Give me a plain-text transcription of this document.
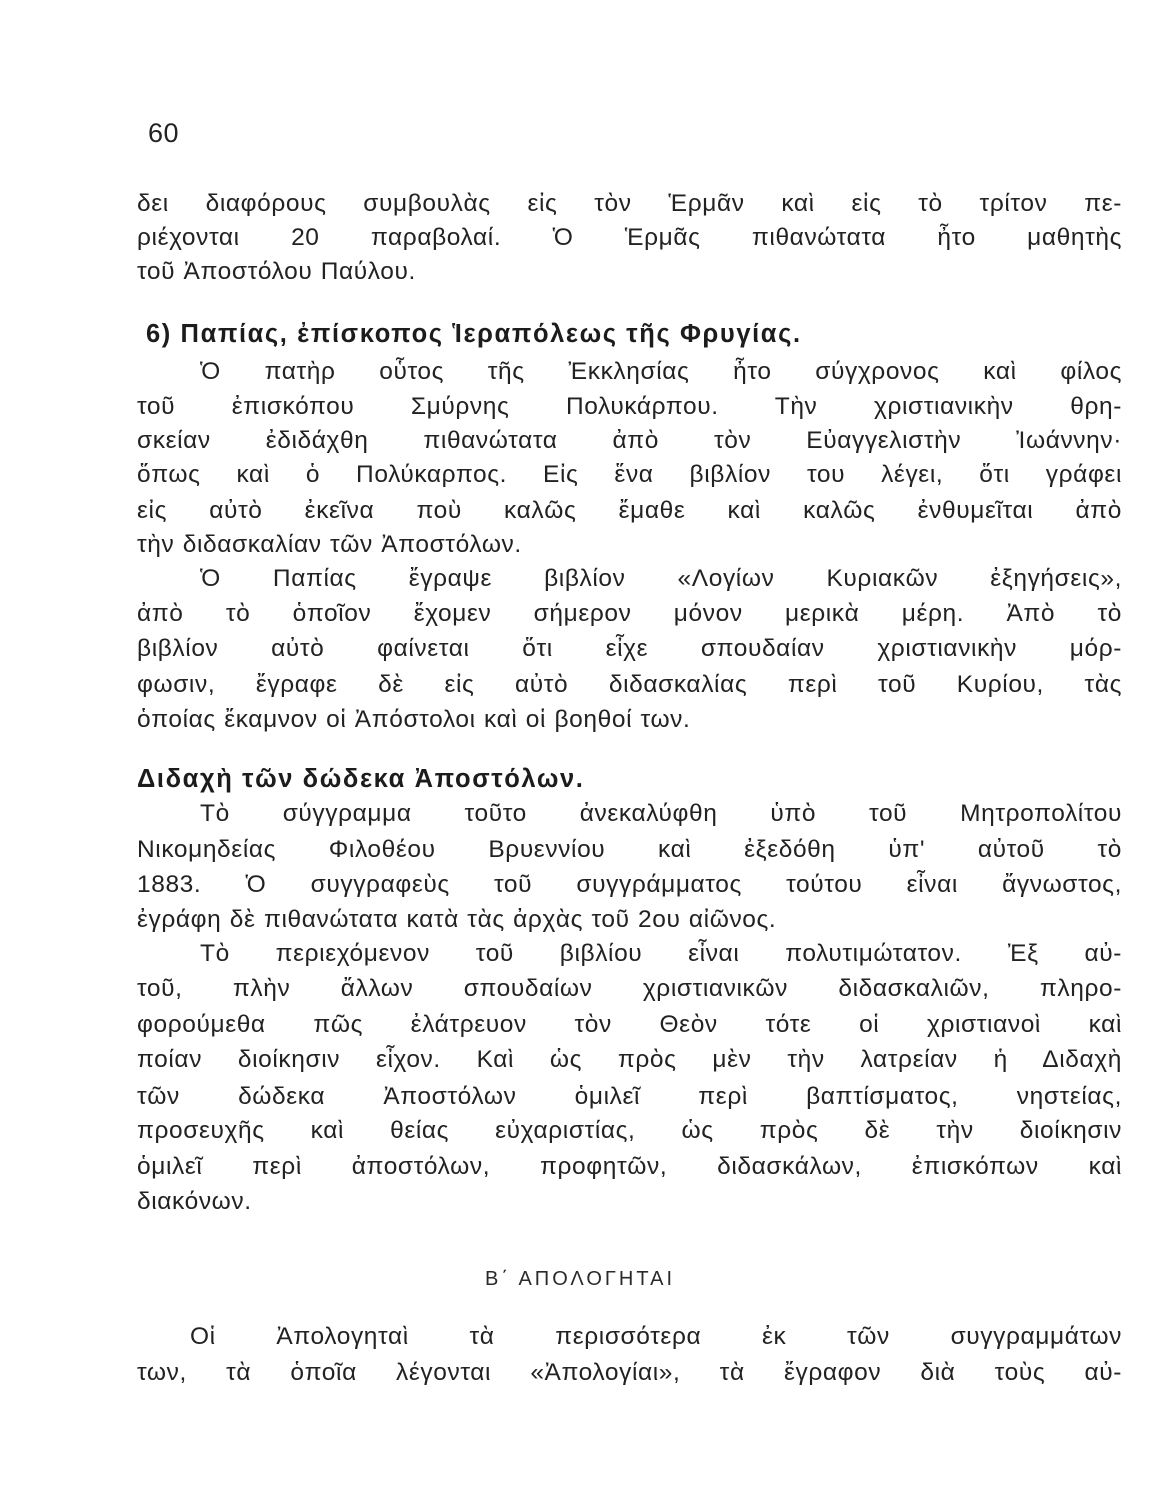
60
δει διαφόρους συμβουλὰς εἰς τὸν Ἑρμᾶν καὶ εἰς τὸ τρίτον πε-
ριέχονται 20 παραβολαί. Ὁ Ἑρμᾶς πιθανώτατα ἦτο μαθητὴς
τοῦ Ἀποστόλου Παύλου.
6) Παπίας, ἐπίσκοπος Ἱεραπόλεως τῆς Φρυγίας.
Ὁ πατὴρ οὗτος τῆς Ἐκκλησίας ἦτο σύγχρονος καὶ φίλος
τοῦ ἐπισκόπου Σμύρνης Πολυκάρπου. Τὴν χριστιανικὴν θρη-
σκείαν ἐδιδάχθη πιθανώτατα ἀπὸ τὸν Εὐαγγελιστὴν Ἰωάννην·
ὅπως καὶ ὁ Πολύκαρπος. Εἰς ἕνα βιβλίον του λέγει, ὅτι γράφει
εἰς αὐτὸ ἐκεῖνα ποὺ καλῶς ἔμαθε καὶ καλῶς ἐνθυμεῖται ἀπὸ
τὴν διδασκαλίαν τῶν Ἀποστόλων.
Ὁ Παπίας ἔγραψε βιβλίον «Λογίων Κυριακῶν ἐξηγήσεις»,
ἀπὸ τὸ ὁποῖον ἔχομεν σήμερον μόνον μερικὰ μέρη. Ἀπὸ τὸ
βιβλίον αὐτὸ φαίνεται ὅτι εἶχε σπουδαίαν χριστιανικὴν μόρ-
φωσιν, ἔγραφε δὲ εἰς αὐτὸ διδασκαλίας περὶ τοῦ Κυρίου, τὰς
ὁποίας ἔκαμνον οἱ Ἀπόστολοι καὶ οἱ βοηθοί των.
Διδαχὴ τῶν δώδεκα Ἀποστόλων.
Τὸ σύγγραμμα τοῦτο ἀνεκαλύφθη ὑπὸ τοῦ Μητροπολίτου
Νικομηδείας Φιλοθέου Βρυεννίου καὶ ἐξεδόθη ὑπ' αὐτοῦ τὸ
1883. Ὁ συγγραφεὺς τοῦ συγγράμματος τούτου εἶναι ἄγνωστος,
ἐγράφη δὲ πιθανώτατα κατὰ τὰς ἀρχὰς τοῦ 2ου αἰῶνος.
Τὸ περιεχόμενον τοῦ βιβλίου εἶναι πολυτιμώτατον. Ἐξ αὐ-
τοῦ, πλὴν ἄλλων σπουδαίων χριστιανικῶν διδασκαλιῶν, πληρο-
φορούμεθα πῶς ἐλάτρευον τὸν Θεὸν τότε οἱ χριστιανοὶ καὶ
ποίαν διοίκησιν εἶχον. Καὶ ὡς πρὸς μὲν τὴν λατρείαν ἡ Διδαχὴ
τῶν δώδεκα Ἀποστόλων ὁμιλεῖ περὶ βαπτίσματος, νηστείας,
προσευχῆς καὶ θείας εὐχαριστίας, ὡς πρὸς δὲ τὴν διοίκησιν
ὁμιλεῖ περὶ ἀποστόλων, προφητῶν, διδασκάλων, ἐπισκόπων καὶ
διακόνων.
Β΄ ΑΠΟΛΟΓΗΤΑΙ
Οἱ Ἀπολογηταὶ τὰ περισσότερα ἐκ τῶν συγγραμμάτων
των, τὰ ὁποῖα λέγονται «Ἀπολογίαι», τὰ ἔγραφον διὰ τοὺς αὐ-
